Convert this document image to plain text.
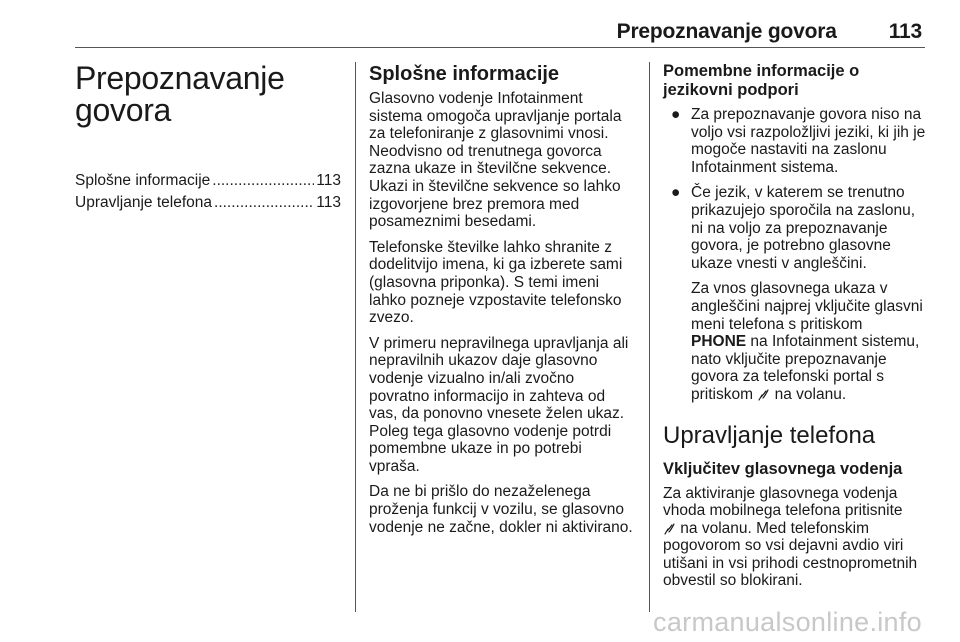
Prepoznavanje govora 113
Prepoznavanje
govora
Splošne informacije .....	113
Upravljanje telefona .....	113
Splošne informacije

Glasovno vodenje Infotainment sistema omogoča upravljanje portala za telefoniranje z glasovnimi vnosi. Neodvisno od trenutnega govorca zazna ukaze in številčne sekvence. Ukazi in številčne sekvence so lahko izgovorjene brez premora med posameznimi besedami.

Telefonske številke lahko shranite z dodelitvijo imena, ki ga izberete sami (glasovna priponka). S temi imeni lahko pozneje vzpostavite telefonsko zvezo.

V primeru nepravilnega upravljanja ali nepravilnih ukazov daje glasovno vodenje vizualno in/ali zvočno povratno informacijo in zahteva od vas, da ponovno vnesete želen ukaz. Poleg tega glasovno vodenje potrdi pomembne ukaze in po potrebi vpraša.

Da ne bi prišlo do nezaželenega proženja funkcij v vozilu, se glasovno vodenje ne začne, dokler ni aktivirano.

Pomembne informacije o jezikovni podpori
● Za prepoznavanje govora niso na voljo vsi razpoložljivi jeziki, ki jih je mogoče nastaviti na zaslonu Infotainment sistema.

● Če jezik, v katerem se trenutno prikazujejo sporočila na zaslonu, ni na voljo za prepoznavanje govora, je potrebno glasovne ukaze vnesti v angleščini.

Za vnos glasovnega ukaza v angleščini najprej vključite glasvni meni telefona s pritiskom
PHONE na Infotainment sistemu, nato vključite prepoznavanje govora za telefonski portal s pritiskom  na volanu.

Upravljanje telefona
Vključitev glasovnega vodenja

Za aktiviranje glasovnega vodenja vhoda mobilnega telefona pritisnite
na volanu. Med telefonskim pogovorom so vsi dejavni avdio viri utišani in vsi prihodi cestnoprometnih obvestil so blokirani.

carmanualsonline.info
